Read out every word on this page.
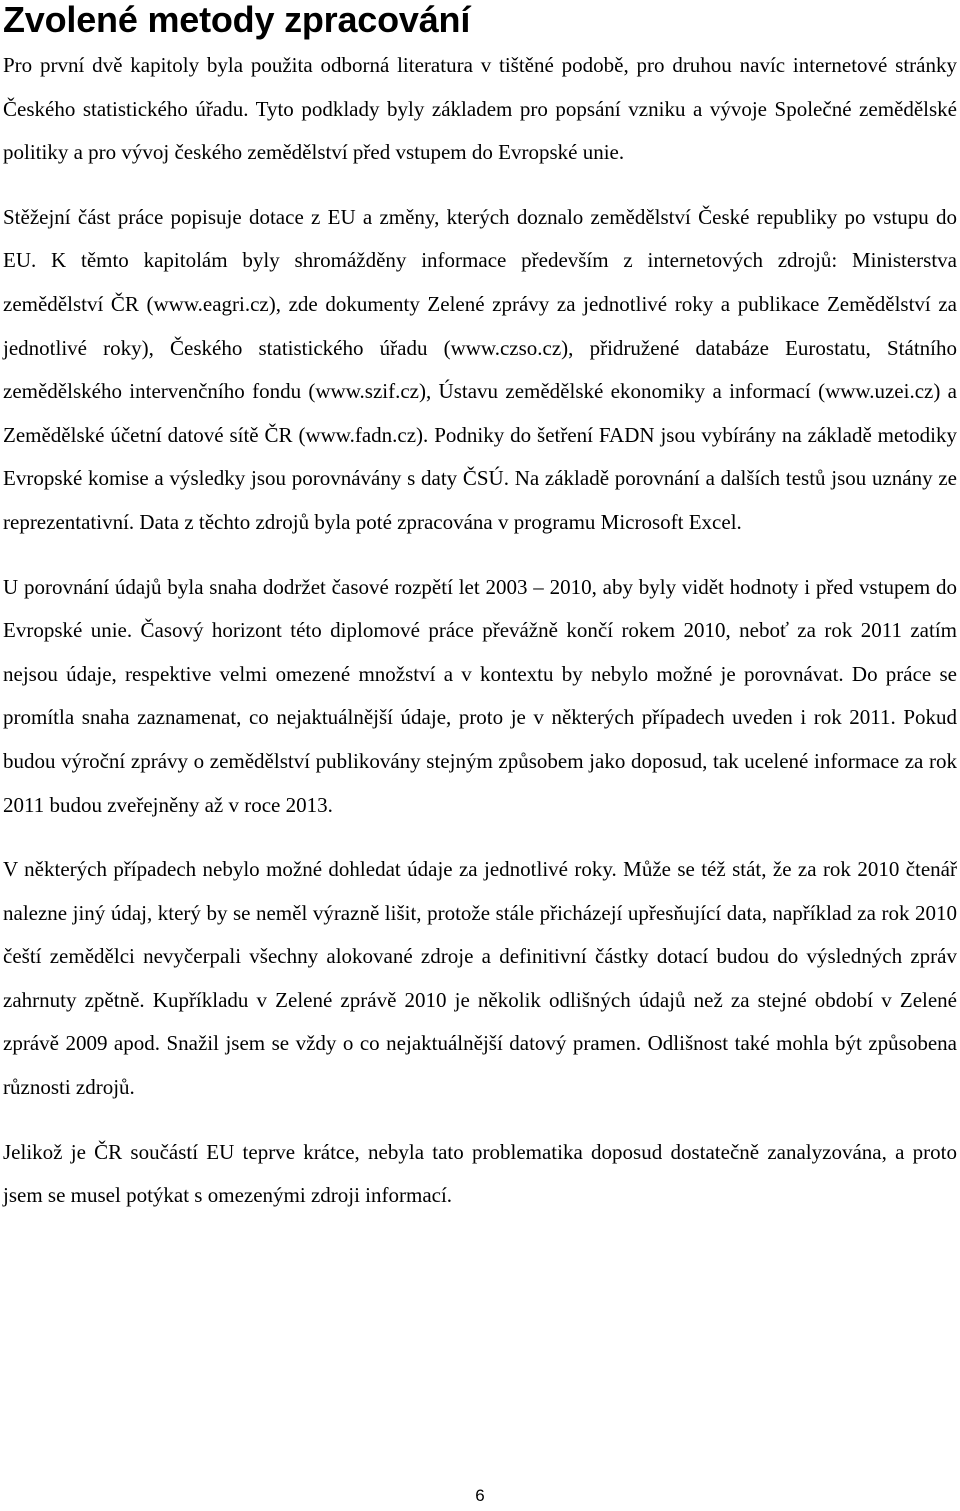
Zvolené metody zpracování

Pro první dvě kapitoly byla použita odborná literatura v tištěné podobě, pro druhou navíc internetové stránky Českého statistického úřadu. Tyto podklady byly základem pro popsání vzniku a vývoje Společné zemědělské politiky a pro vývoj českého zemědělství před vstupem do Evropské unie.

Stěžejní část práce popisuje dotace z EU a změny, kterých doznalo zemědělství České republiky po vstupu do EU. K těmto kapitolám byly shromážděny informace především z internetových zdrojů: Ministerstva zemědělství ČR (www.eagri.cz), zde dokumenty Zelené zprávy za jednotlivé roky a publikace Zemědělství za jednotlivé roky), Českého statistického úřadu (www.czso.cz), přidružené databáze Eurostatu, Státního zemědělského intervenčního fondu (www.szif.cz), Ústavu zemědělské ekonomiky a informací (www.uzei.cz) a Zemědělské účetní datové sítě ČR (www.fadn.cz). Podniky do šetření FADN jsou vybírány na základě metodiky Evropské komise a výsledky jsou porovnávány s daty ČSÚ. Na základě porovnání a dalších testů jsou uznány ze reprezentativní. Data z těchto zdrojů byla poté zpracována v programu Microsoft Excel.

U porovnání údajů byla snaha dodržet časové rozpětí let 2003 – 2010, aby byly vidět hodnoty i před vstupem do Evropské unie. Časový horizont této diplomové práce převážně končí rokem 2010, neboť za rok 2011 zatím nejsou údaje, respektive velmi omezené množství a v kontextu by nebylo možné je porovnávat. Do práce se promítla snaha zaznamenat, co nejaktuálnější údaje, proto je v některých případech uveden i rok 2011. Pokud budou výroční zprávy o zemědělství publikovány stejným způsobem jako doposud, tak ucelené informace za rok 2011 budou zveřejněny až v roce 2013.

V některých případech nebylo možné dohledat údaje za jednotlivé roky. Může se též stát, že za rok 2010 čtenář nalezne jiný údaj, který by se neměl výrazně lišit, protože stále přicházejí upřesňující data, například za rok 2010 čeští zemědělci nevyčerpali všechny alokované zdroje a definitivní částky dotací budou do výsledných zpráv zahrnuty zpětně. Kupříkladu v Zelené zprávě 2010 je několik odlišných údajů než za stejné období v Zelené zprávě 2009 apod. Snažil jsem se vždy o co nejaktuálnější datový pramen. Odlišnost také mohla být způsobena různosti zdrojů.

Jelikož je ČR součástí EU teprve krátce, nebyla tato problematika doposud dostatečně zanalyzována, a proto jsem se musel potýkat s omezenými zdroji informací.

6
